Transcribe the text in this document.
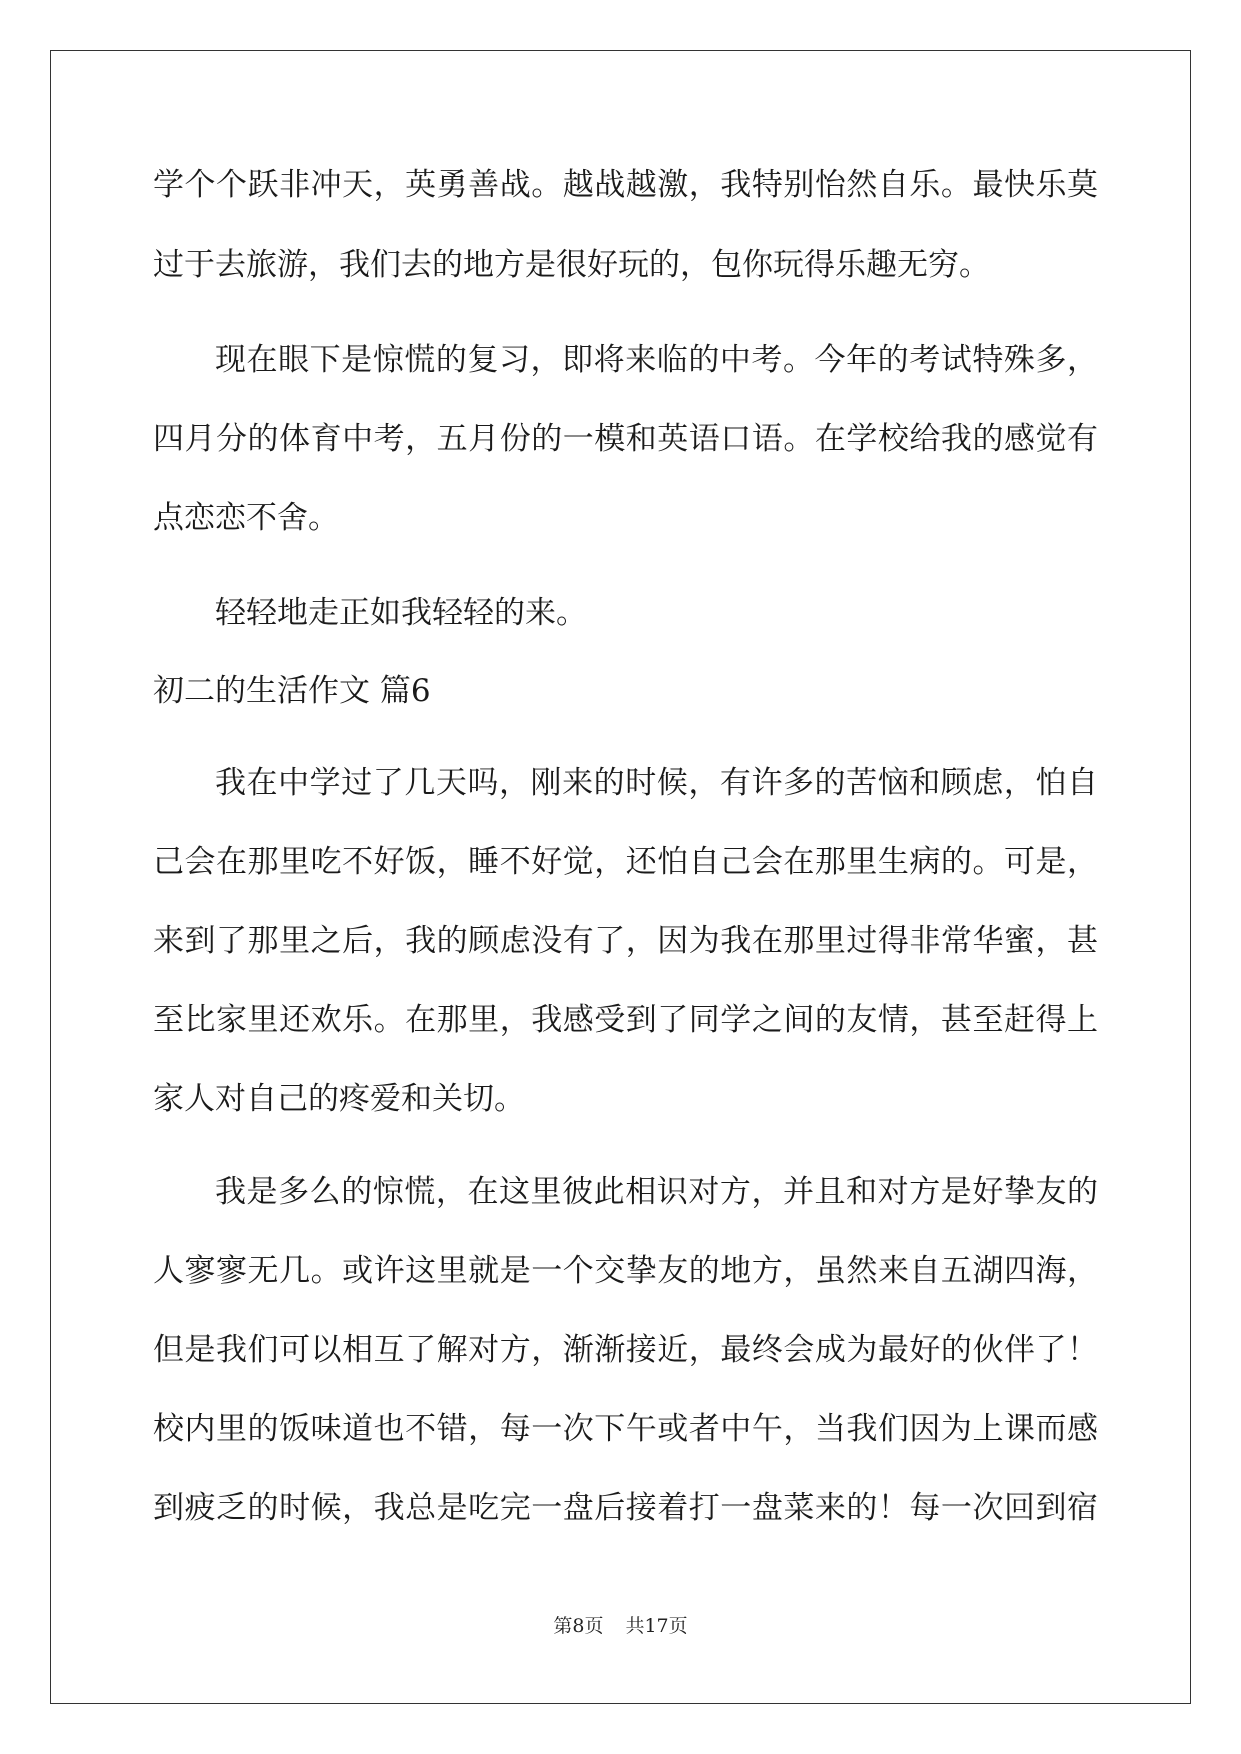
学个个跃非冲天，英勇善战。越战越激，我特别怡然自乐。最快乐莫
过于去旅游，我们去的地方是很好玩的，包你玩得乐趣无穷。
现在眼下是惊慌的复习，即将来临的中考。今年的考试特殊多，
四月分的体育中考，五月份的一模和英语口语。在学校给我的感觉有
点恋恋不舍。
轻轻地走正如我轻轻的来。
初二的生活作文 篇6
我在中学过了几天吗，刚来的时候，有许多的苦恼和顾虑，怕自
己会在那里吃不好饭，睡不好觉，还怕自己会在那里生病的。可是，
来到了那里之后，我的顾虑没有了，因为我在那里过得非常华蜜，甚
至比家里还欢乐。在那里，我感受到了同学之间的友情，甚至赶得上
家人对自己的疼爱和关切。
我是多么的惊慌，在这里彼此相识对方，并且和对方是好挚友的
人寥寥无几。或许这里就是一个交挚友的地方，虽然来自五湖四海，
但是我们可以相互了解对方，渐渐接近，最终会成为最好的伙伴了！
校内里的饭味道也不错，每一次下午或者中午，当我们因为上课而感
到疲乏的时候，我总是吃完一盘后接着打一盘菜来的！每一次回到宿
第8页 共17页
